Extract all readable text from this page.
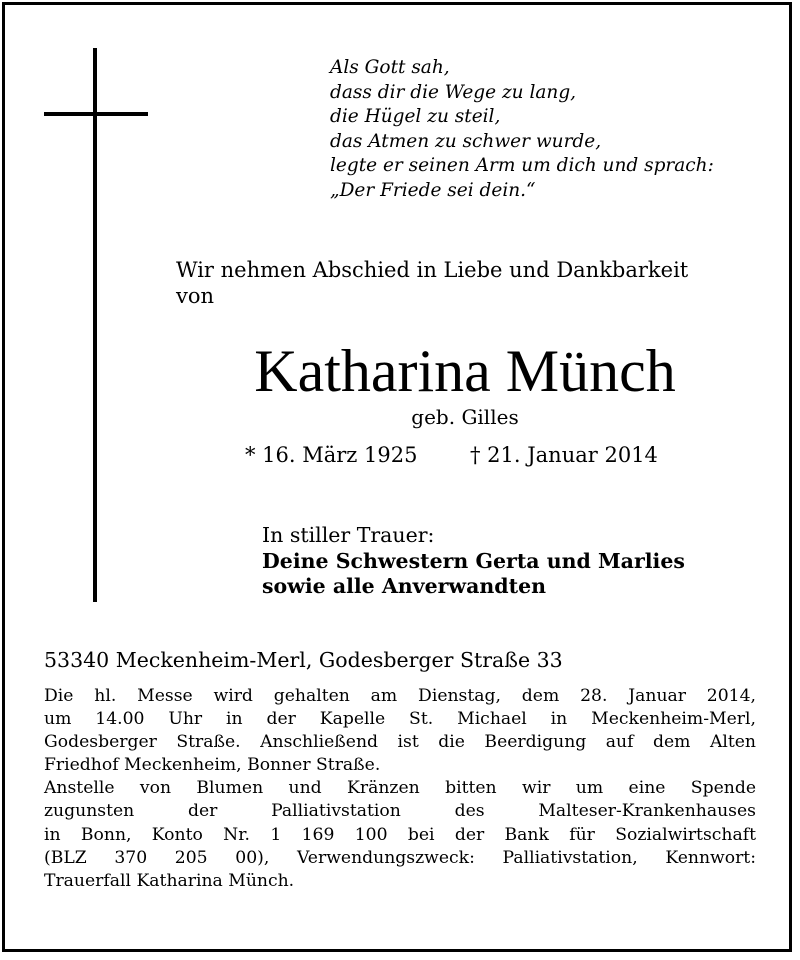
Als Gott sah,
dass dir die Wege zu lang,
die Hügel zu steil,
das Atmen zu schwer wurde,
legte er seinen Arm um dich und sprach:
„Der Friede sei dein.“
Wir nehmen Abschied in Liebe und Dankbarkeit
von
Katharina Münch
geb. Gilles
* 16. März 1925	† 21. Januar 2014
In stiller Trauer:
Deine Schwestern Gerta und Marlies
sowie alle Anverwandten
53340 Meckenheim-Merl, Godesberger Straße 33
Die hl. Messe wird gehalten am Dienstag, dem 28. Januar 2014,
um 14.00 Uhr in der Kapelle St. Michael in Meckenheim-Merl,
Godesberger Straße. Anschließend ist die Beerdigung auf dem Alten
Friedhof Meckenheim, Bonner Straße.
Anstelle von Blumen und Kränzen bitten wir um eine Spende
zugunsten der Palliativstation des Malteser-Krankenhauses
in Bonn, Konto Nr. 1 169 100 bei der Bank für Sozialwirtschaft
(BLZ 370 205 00), Verwendungszweck: Palliativstation, Kennwort:
Trauerfall Katharina Münch.
